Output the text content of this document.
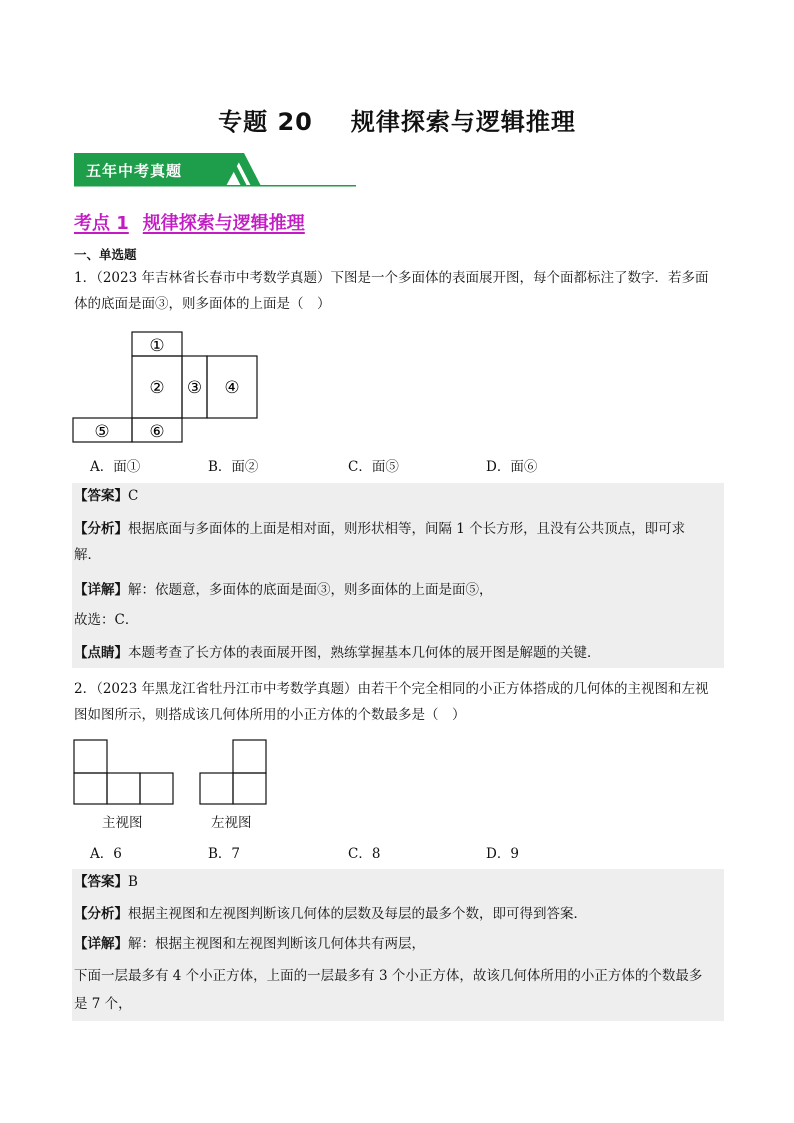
专题 20 规律探索与逻辑推理
五年中考真题
考点 1 规律探索与逻辑推理
一、单选题
1．（2023 年吉林省长春市中考数学真题）下图是一个多面体的表面展开图，每个面都标注了数字．若多面
体的底面是面③，则多面体的上面是（　）
①
② ③ ④
⑤ ⑥
A．面①	B．面②	C．面⑤	D．面⑥
【答案】C
【分析】根据底面与多面体的上面是相对面，则形状相等，间隔 1 个长方形，且没有公共顶点，即可求
解．
【详解】解：依题意，多面体的底面是面③，则多面体的上面是面⑤，
故选：C．
【点睛】本题考查了长方体的表面展开图，熟练掌握基本几何体的展开图是解题的关键．
2．（2023 年黑龙江省牡丹江市中考数学真题）由若干个完全相同的小正方体搭成的几何体的主视图和左视
图如图所示，则搭成该几何体所用的小正方体的个数最多是（　）
主视图	左视图
A．6	B．7	C．8	D．9
【答案】B
【分析】根据主视图和左视图判断该几何体的层数及每层的最多个数，即可得到答案．
【详解】解：根据主视图和左视图判断该几何体共有两层，
下面一层最多有 4 个小正方体，上面的一层最多有 3 个小正方体，故该几何体所用的小正方体的个数最多
是 7 个，
